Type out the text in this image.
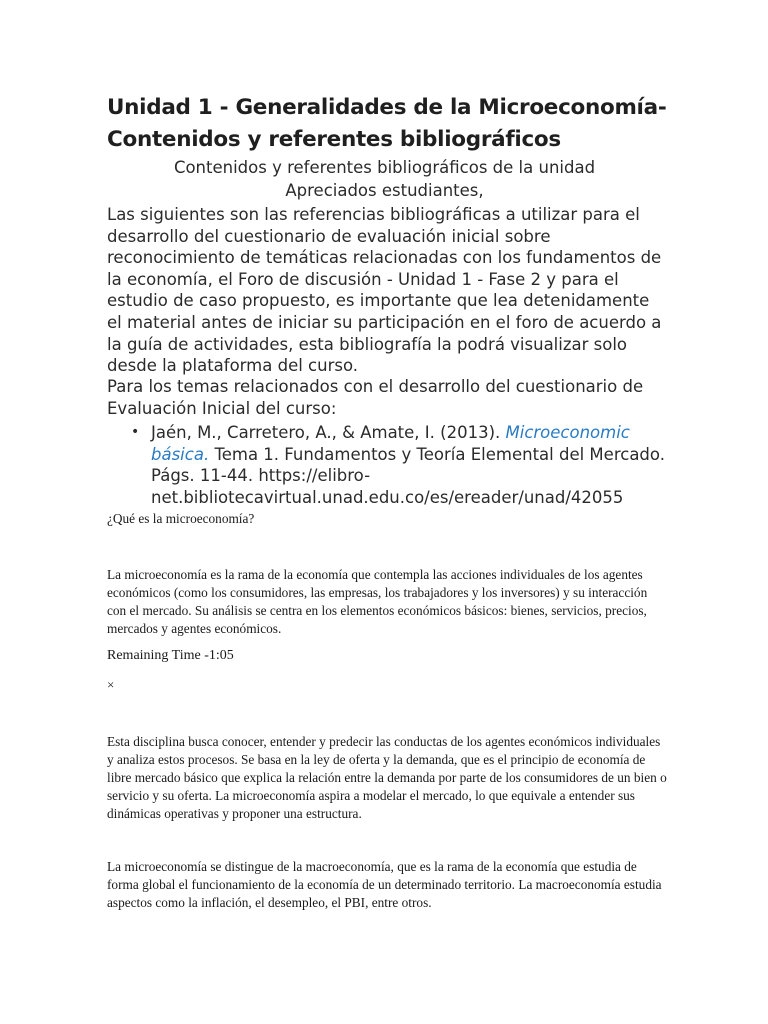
Unidad 1 - Generalidades de la Microeconomía-
Contenidos y referentes bibliográficos
Contenidos y referentes bibliográficos de la unidad
Apreciados estudiantes,

Las siguientes son las referencias bibliográficas a utilizar para el desarrollo del cuestionario de evaluación inicial sobre reconocimiento de temáticas relacionadas con los fundamentos de la economía, el Foro de discusión - Unidad 1 - Fase 2 y para el estudio de caso propuesto, es importante que lea detenidamente el material antes de iniciar su participación en el foro de acuerdo a la guía de actividades, esta bibliografía la podrá visualizar solo desde la plataforma del curso.

Para los temas relacionados con el desarrollo del cuestionario de Evaluación Inicial del curso:

• Jaén, M., Carretero, A., & Amate, I. (2013). Microeconomic básica. Tema 1. Fundamentos y Teoría Elemental del Mercado. Págs. 11-44. https://elibro-net.bibliotecavirtual.unad.edu.co/es/ereader/unad/42055
¿Qué es la microeconomía?

La microeconomía es la rama de la economía que contempla las acciones individuales de los agentes económicos (como los consumidores, las empresas, los trabajadores y los inversores) y su interacción con el mercado. Su análisis se centra en los elementos económicos básicos: bienes, servicios, precios, mercados y agentes económicos.

Remaining Time -1:05
×

Esta disciplina busca conocer, entender y predecir las conductas de los agentes económicos individuales y analiza estos procesos. Se basa en la ley de oferta y la demanda, que es el principio de economía de libre mercado básico que explica la relación entre la demanda por parte de los consumidores de un bien o servicio y su oferta. La microeconomía aspira a modelar el mercado, lo que equivale a entender sus dinámicas operativas y proponer una estructura.

La microeconomía se distingue de la macroeconomía, que es la rama de la economía que estudia de forma global el funcionamiento de la economía de un determinado territorio. La macroeconomía estudia aspectos como la inflación, el desempleo, el PBI, entre otros.
